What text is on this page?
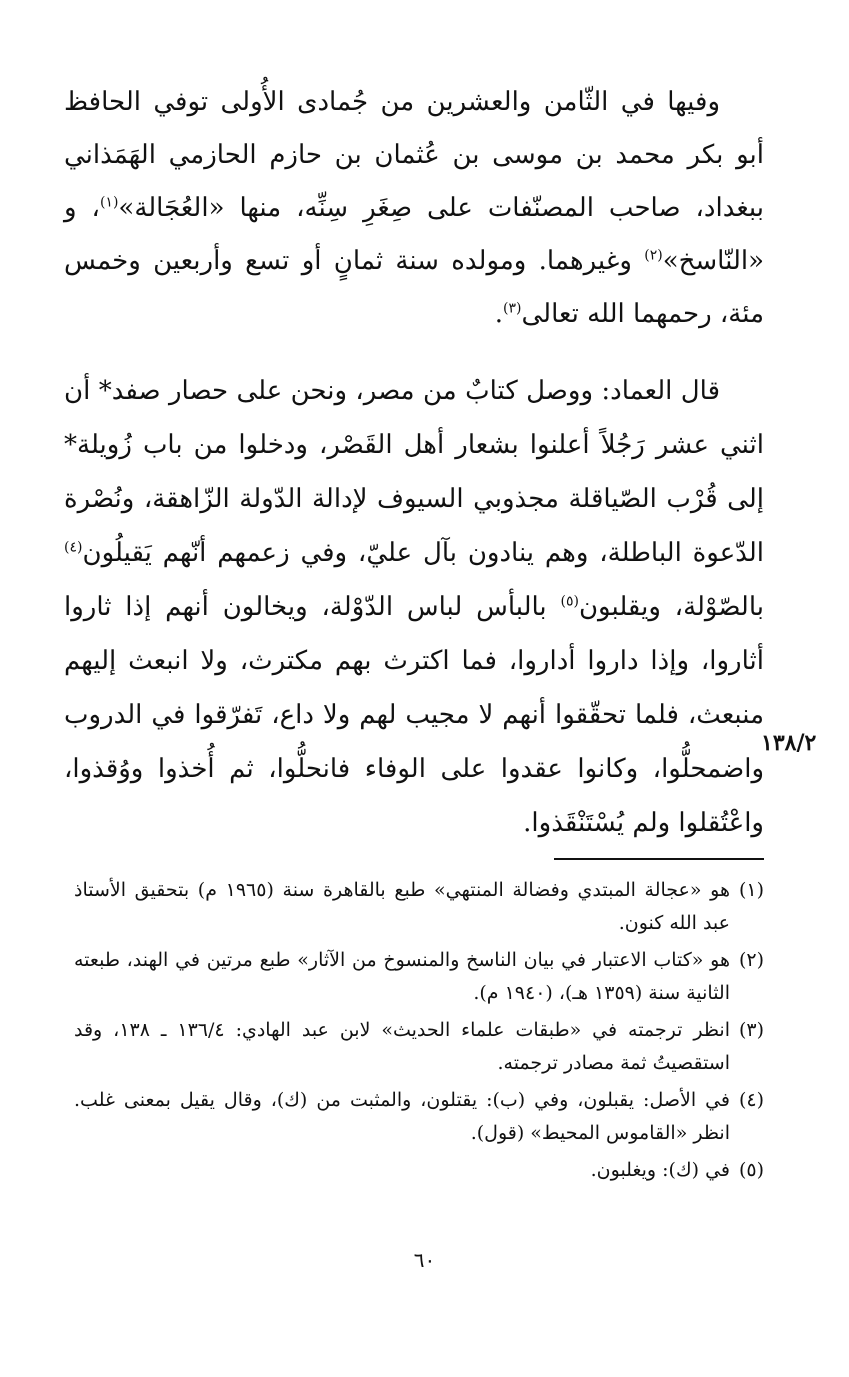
وفيها في الثّامن والعشرين من جُمادى الأُولى توفي الحافظ أبو بكر محمد بن موسى بن عُثمان بن حازم الحازمي الهَمَذاني ببغداد، صاحب المصنّفات على صِغَرِ سِنِّه، منها «العُجَالة»$^{(١)}$، و «النّاسخ»$^{(٢)}$ وغيرهما. ومولده سنة ثمانٍ أو تسع وأربعين وخمس مئة، رحمهما الله تعالى$^{(٣)}$.
قال العماد: ووصل كتابٌ من مصر، ونحن على حصار صفد* أن اثني عشر رَجُلاً أعلنوا بشعار أهل القَصْر، ودخلوا من باب زُويلة* إلى قُرْب الصّياقلة مجذوبي السيوف لإدالة الدّولة الزّاهقة، ونُصْرة الدّعوة الباطلة، وهم ينادون بآل عليّ، وفي زعمهم أنّهم يَقيلُون$^{(٤)}$ بالصّوْلة، ويقلبون$^{(٥)}$ بالبأس لباس الدّوْلة، ويخالون أنهم إذا ثاروا أثاروا، وإذا داروا أداروا، فما اكترث بهم مكترث، ولا انبعث إليهم منبعث، فلما تحقّقوا أنهم لا مجيب لهم ولا داع، تَفرّقوا في الدروب واضمحلُّوا، وكانوا عقدوا على الوفاء فانحلُّوا، ثم أُخذوا ووُقذوا، واعْتُقلوا ولم يُسْتَنْقَذوا.
١٣٨/٢
(١)
هو «عجالة المبتدي وفضالة المنتهي» طبع بالقاهرة سنة (١٩٦٥ م) بتحقيق الأستاذ عبد الله كنون.
(٢)
هو «كتاب الاعتبار في بيان الناسخ والمنسوخ من الآثار» طبع مرتين في الهند، طبعته الثانية سنة (١٣٥٩ هـ)، (١٩٤٠ م).
(٣)
انظر ترجمته في «طبقات علماء الحديث» لابن عبد الهادي: ١٣٦/٤ ـ ١٣٨، وقد استقصيتُ ثمة مصادر ترجمته.
(٤)
في الأصل: يقبلون، وفي (ب): يقتلون، والمثبت من (ك)، وقال يقيل بمعنى غلب. انظر «القاموس المحيط» (قول).
(٥)
في (ك): ويغلبون.
٦٠
